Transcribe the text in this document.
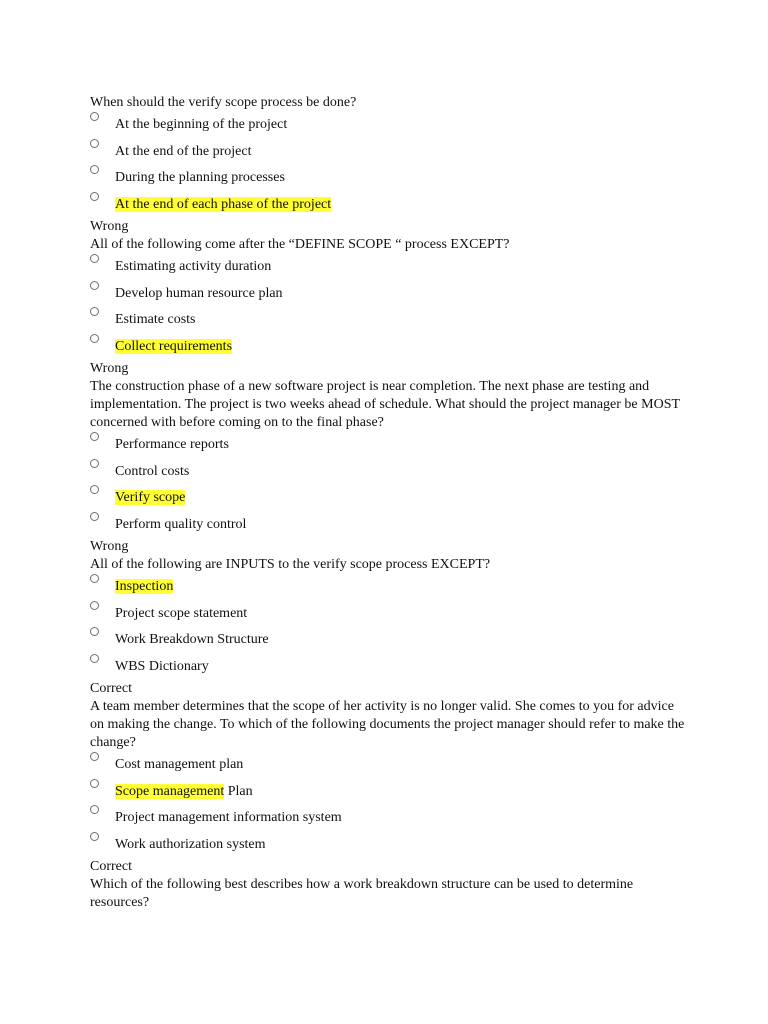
When should the verify scope process be done?

At the beginning of the project
At the end of the project
During the planning processes
At the end of each phase of the project

Wrong

All of the following come after the “DEFINE SCOPE “ process EXCEPT?

Estimating activity duration
Develop human resource plan
Estimate costs
Collect requirements

Wrong

The construction phase of a new software project is near completion. The next phase are testing and implementation. The project is two weeks ahead of schedule. What should the project manager be MOST concerned with before coming on to the final phase?

Performance reports
Control costs
Verify scope
Perform quality control

Wrong

All of the following are INPUTS to the verify scope process EXCEPT?

Inspection
Project scope statement
Work Breakdown Structure
WBS Dictionary

Correct

A team member determines that the scope of her activity is no longer valid. She comes to you for advice on making the change. To which of the following documents the project manager should refer to make the change?

Cost management plan
Scope management Plan
Project management information system
Work authorization system

Correct

Which of the following best describes how a work breakdown structure can be used to determine resources?
